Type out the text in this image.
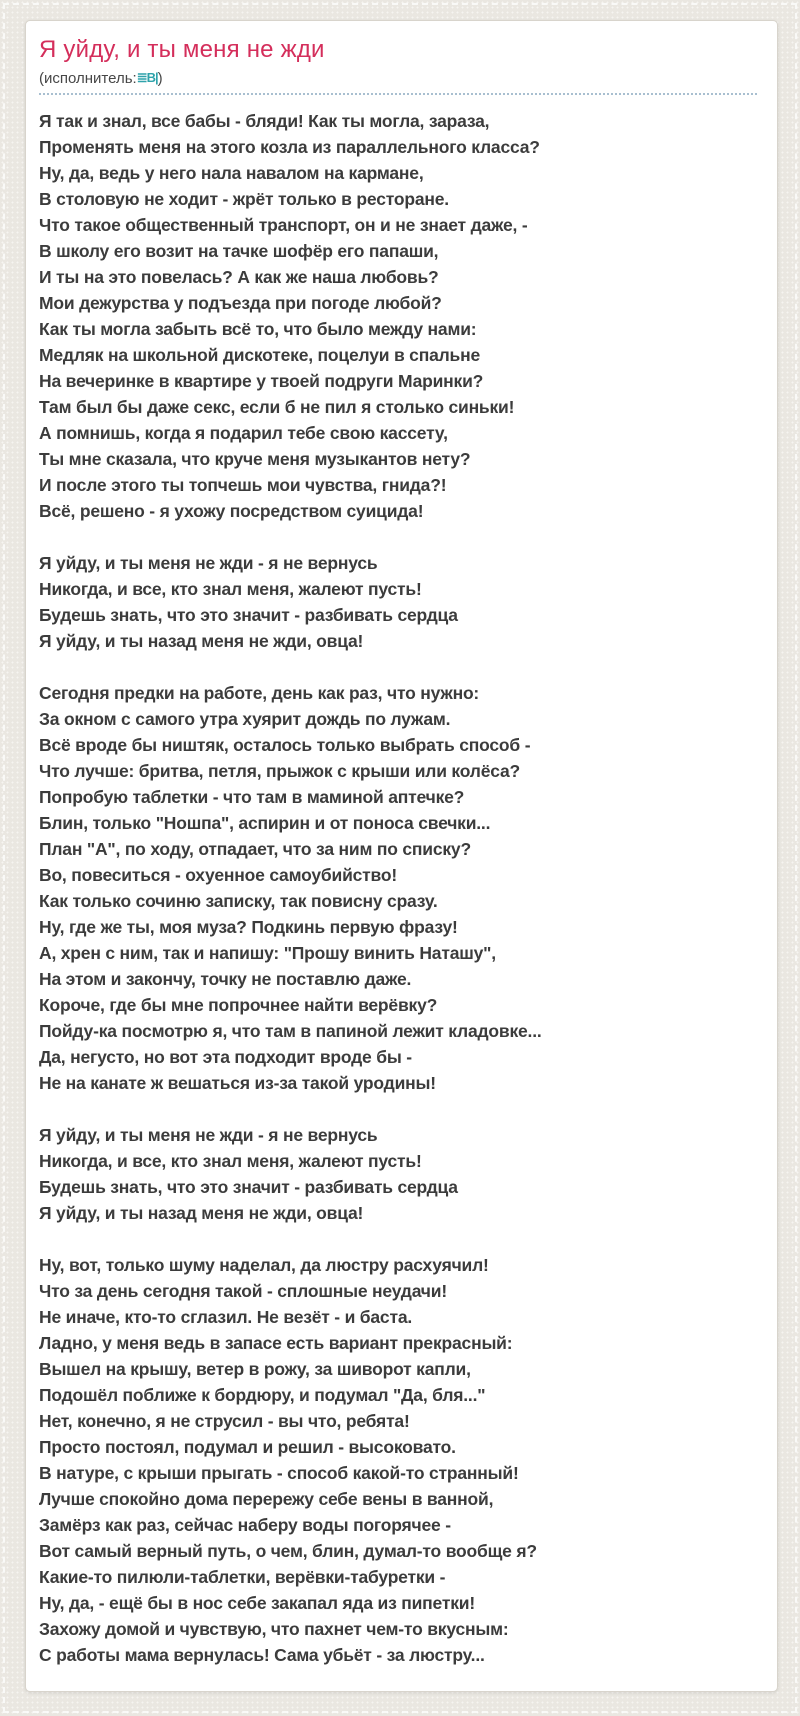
Я уйду, и ты меня не жди
(исполнитель:≣B|)
Я так и знал, все бабы - бляди! Как ты могла, зараза,
Променять меня на этого козла из параллельного класса?
Ну, да, ведь у него нала навалом на кармане,
В столовую не ходит - жрёт только в ресторане.
Что такое общественный транспорт, он и не знает даже, -
В школу его возит на тачке шофёр его папаши,
И ты на это повелась? А как же наша любовь?
Мои дежурства у подъезда при погоде любой?
Как ты могла забыть всё то, что было между нами:
Медляк на школьной дискотеке, поцелуи в спальне
На вечеринке в квартире у твоей подруги Маринки?
Там был бы даже секс, если б не пил я столько синьки!
А помнишь, когда я подарил тебе свою кассету,
Ты мне сказала, что круче меня музыкантов нету?
И после этого ты топчешь мои чувства, гнида?!
Всё, решено - я ухожу посредством суицида!
Я уйду, и ты меня не жди - я не вернусь
Никогда, и все, кто знал меня, жалеют пусть!
Будешь знать, что это значит - разбивать сердца
Я уйду, и ты назад меня не жди, овца!
Сегодня предки на работе, день как раз, что нужно:
За окном с самого утра хуярит дождь по лужам.
Всё вроде бы ништяк, осталось только выбрать способ -
Что лучше: бритва, петля, прыжок с крыши или колёса?
Попробую таблетки - что там в маминой аптечке?
Блин, только "Ношпа", аспирин и от поноса свечки...
План "А", по ходу, отпадает, что за ним по списку?
Во, повеситься - охуенное самоубийство!
Как только сочиню записку, так повисну сразу.
Ну, где же ты, моя муза? Подкинь первую фразу!
А, хрен с ним, так и напишу: "Прошу винить Наташу",
На этом и закончу, точку не поставлю даже.
Короче, где бы мне попрочнее найти верёвку?
Пойду-ка посмотрю я, что там в папиной лежит кладовке...
Да, негусто, но вот эта подходит вроде бы -
Не на канате ж вешаться из-за такой уродины!
Я уйду, и ты меня не жди - я не вернусь
Никогда, и все, кто знал меня, жалеют пусть!
Будешь знать, что это значит - разбивать сердца
Я уйду, и ты назад меня не жди, овца!
Ну, вот, только шуму наделал, да люстру расхуячил!
Что за день сегодня такой - сплошные неудачи!
Не иначе, кто-то сглазил. Не везёт - и баста.
Ладно, у меня ведь в запасе есть вариант прекрасный:
Вышел на крышу, ветер в рожу, за шиворот капли,
Подошёл поближе к бордюру, и подумал "Да, бля..."
Нет, конечно, я не струсил - вы что, ребята!
Просто постоял, подумал и решил - высоковато.
В натуре, с крыши прыгать - способ какой-то странный!
Лучше спокойно дома перережу себе вены в ванной,
Замёрз как раз, сейчас наберу воды погорячее -
Вот самый верный путь, о чем, блин, думал-то вообще я?
Какие-то пилюли-таблетки, верёвки-табуретки -
Ну, да, - ещё бы в нос себе закапал яда из пипетки!
Захожу домой и чувствую, что пахнет чем-то вкусным:
С работы мама вернулась! Сама убьёт - за люстру...
